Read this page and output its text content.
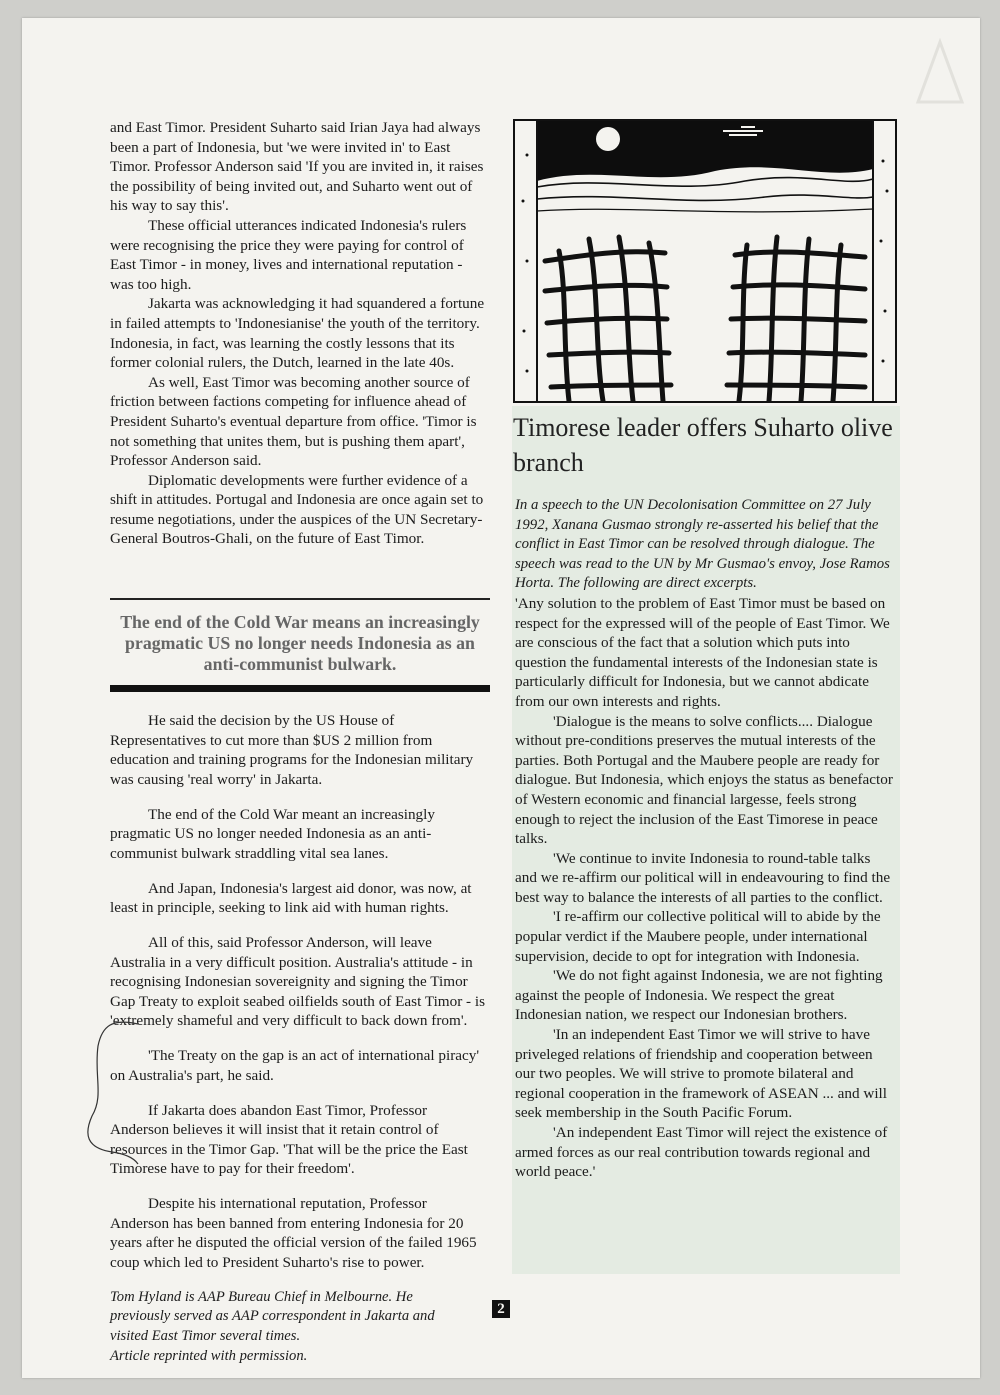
and East Timor. President Suharto said Irian Jaya had always been a part of Indonesia, but 'we were invited in' to East Timor. Professor Anderson said 'If you are invited in, it raises the possibility of being invited out, and Suharto went out of his way to say this'.

These official utterances indicated Indonesia's rulers were recognising the price they were paying for control of East Timor - in money, lives and international reputation - was too high.

Jakarta was acknowledging it had squandered a fortune in failed attempts to 'Indonesianise' the youth of the territory. Indonesia, in fact, was learning the costly lessons that its former colonial rulers, the Dutch, learned in the late 40s.

As well, East Timor was becoming another source of friction between factions competing for influence ahead of President Suharto's eventual departure from office. 'Timor is not something that unites them, but is pushing them apart', Professor Anderson said.

Diplomatic developments were further evidence of a shift in attitudes. Portugal and Indonesia are once again set to resume negotiations, under the auspices of the UN Secretary-General Boutros-Ghali, on the future of East Timor.

The end of the Cold War means an increasingly pragmatic US no longer needs Indonesia as an anti-communist bulwark.

He said the decision by the US House of Representatives to cut more than $US 2 million from education and training programs for the Indonesian military was causing 'real worry' in Jakarta.

The end of the Cold War meant an increasingly pragmatic US no longer needed Indonesia as an anti-communist bulwark straddling vital sea lanes.

And Japan, Indonesia's largest aid donor, was now, at least in principle, seeking to link aid with human rights.

All of this, said Professor Anderson, will leave Australia in a very difficult position. Australia's attitude - in recognising Indonesian sovereignity and signing the Timor Gap Treaty to exploit seabed oilfields south of East Timor - is 'extremely shameful and very difficult to back down from'.

'The Treaty on the gap is an act of international piracy' on Australia's part, he said.

If Jakarta does abandon East Timor, Professor Anderson believes it will insist that it retain control of resources in the Timor Gap. 'That will be the price the East Timorese have to pay for their freedom'.

Despite his international reputation, Professor Anderson has been banned from entering Indonesia for 20 years after he disputed the official version of the failed 1965 coup which led to President Suharto's rise to power.

Tom Hyland is AAP Bureau Chief in Melbourne. He
previously served as AAP correspondent in Jakarta and
visited East Timor several times.
Article reprinted with permission.

Timorese leader offers Suharto olive branch

In a speech to the UN Decolonisation Committee on 27 July 1992, Xanana Gusmao strongly re-asserted his belief that the conflict in East Timor can be resolved through dialogue. The speech was read to the UN by Mr Gusmao's envoy, Jose Ramos Horta. The following are direct excerpts.

'Any solution to the problem of East Timor must be based on respect for the expressed will of the people of East Timor. We are conscious of the fact that a solution which puts into question the fundamental interests of the Indonesian state is particularly difficult for Indonesia, but we cannot abdicate from our own interests and rights.

'Dialogue is the means to solve conflicts.... Dialogue without pre-conditions preserves the mutual interests of the parties. Both Portugal and the Maubere people are ready for dialogue. But Indonesia, which enjoys the status as benefactor of Western economic and financial largesse, feels strong enough to reject the inclusion of the East Timorese in peace talks.

'We continue to invite Indonesia to round-table talks and we re-affirm our political will in endeavouring to find the best way to balance the interests of all parties to the conflict.

'I re-affirm our collective political will to abide by the popular verdict if the Maubere people, under international supervision, decide to opt for integration with Indonesia.

'We do not fight against Indonesia, we are not fighting against the people of Indonesia. We respect the great Indonesian nation, we respect our Indonesian brothers.

'In an independent East Timor we will strive to have priveleged relations of friendship and cooperation between our two peoples. We will strive to promote bilateral and regional cooperation in the framework of ASEAN ... and will seek membership in the South Pacific Forum.

'An independent East Timor will reject the existence of armed forces as our real contribution towards regional and world peace.'

2
